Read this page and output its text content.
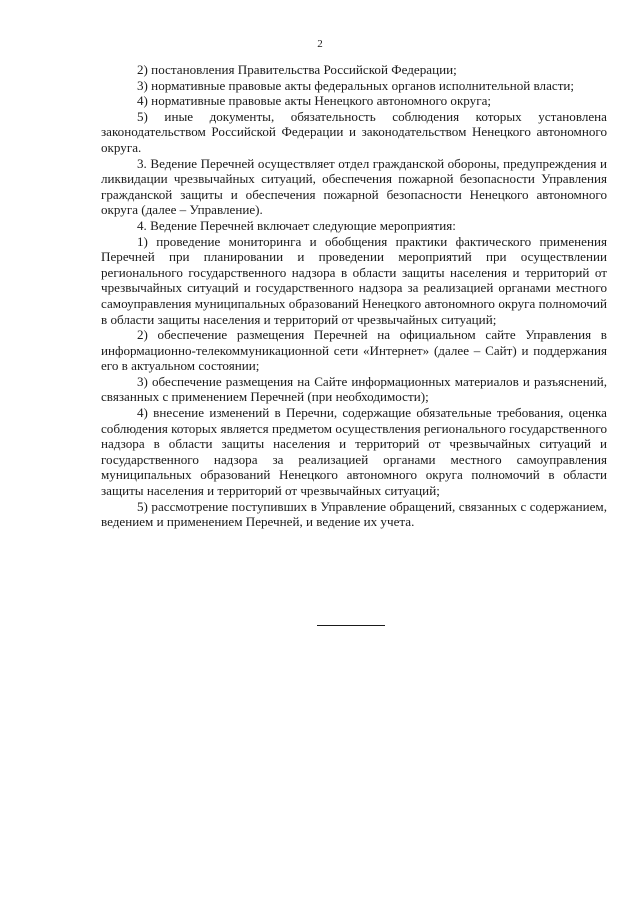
2

2) постановления Правительства Российской Федерации;

3) нормативные правовые акты федеральных органов исполнительной власти;

4) нормативные правовые акты Ненецкого автономного округа;

5) иные документы, обязательность соблюдения которых установлена законодательством Российской Федерации и законодательством Ненецкого автономного округа.

3. Ведение Перечней осуществляет отдел гражданской обороны, предупреждения и ликвидации чрезвычайных ситуаций, обеспечения пожарной безопасности Управления гражданской защиты и обеспечения пожарной безопасности Ненецкого автономного округа (далее – Управление).

4. Ведение Перечней включает следующие мероприятия:

1) проведение мониторинга и обобщения практики фактического применения Перечней при планировании и проведении мероприятий при осуществлении регионального государственного надзора в области защиты населения и территорий от чрезвычайных ситуаций и государственного надзора за реализацией органами местного самоуправления муниципальных образований Ненецкого автономного округа полномочий в области защиты населения и территорий от чрезвычайных ситуаций;

2) обеспечение размещения Перечней на официальном сайте Управления в информационно-телекоммуникационной сети «Интернет» (далее – Сайт) и поддержания его в актуальном состоянии;

3) обеспечение размещения на Сайте информационных материалов и разъяснений, связанных с применением Перечней (при необходимости);

4) внесение изменений в Перечни, содержащие обязательные требования, оценка соблюдения которых является предметом осуществления регионального государственного надзора в области защиты населения и территорий от чрезвычайных ситуаций и государственного надзора за реализацией органами местного самоуправления муниципальных образований Ненецкого автономного округа полномочий в области защиты населения и территорий от чрезвычайных ситуаций;

5) рассмотрение поступивших в Управление обращений, связанных с содержанием, ведением и применением Перечней, и ведение их учета.
